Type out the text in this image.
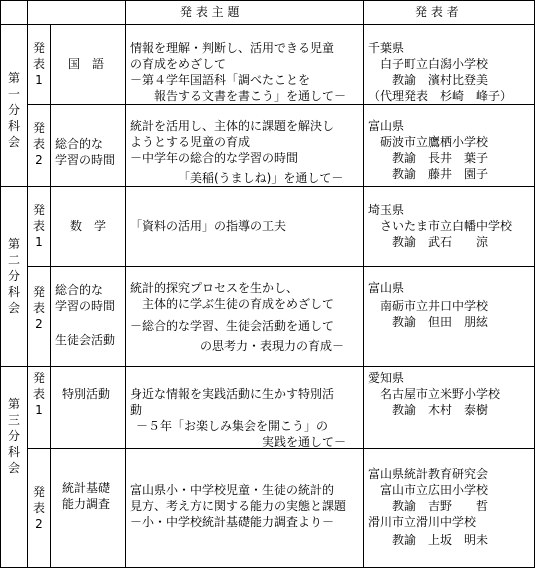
発 表 主 題	発 表 者
第
一
分
科
会
発
表
1
国　語
情報を理解・判断し、活用できる児童
の育成をめざして
－第４学年国語科「調べたことを
　報告する文書を書こう」を通して－
千葉県
　白子町立白潟小学校
　　教諭　濱村比登美
（代理発表　杉崎　峰子）
発
表
2
総合的な
学習の時間
統計を活用し、主体的に課題を解決し
ようとする児童の育成
－中学年の総合的な学習の時間
「美稲(うましね)」を通して－
富山県
　砺波市立鷹栖小学校
　　教諭　長井　葉子
　　教諭　藤井　園子
第
二
分
科
会
発
表
1
数　学 「資料の活用」の指導の工夫
埼玉県
　さいたま市立白幡中学校
　　教諭　武石　　涼
発
表
2
総合的な
学習の時間
生徒会活動
統計的探究プロセスを生かし、
主体的に学ぶ生徒の育成をめざして
－総合的な学習、生徒会活動を通して
の思考力・表現力の育成－
富山県
　南砺市立井口中学校
　　教諭　但田　朋絃
第
三
分
科
会
発
表
1
特別活動 身近な情報を実践活動に生かす特別活
動
－５年「お楽しみ集会を開こう」の
実践を通して－
愛知県
　名古屋市立米野小学校
　　教諭　木村　泰樹
発
表
2
統計基礎
能力調査
富山県小・中学校児童・生徒の統計的
見方、考え方に関する能力の実態と課題
－小・中学校統計基礎能力調査より－
富山県統計教育研究会
　富山市立広田小学校
　　教諭　吉野　　哲
滑川市立滑川中学校
　　教諭　上坂　明未
